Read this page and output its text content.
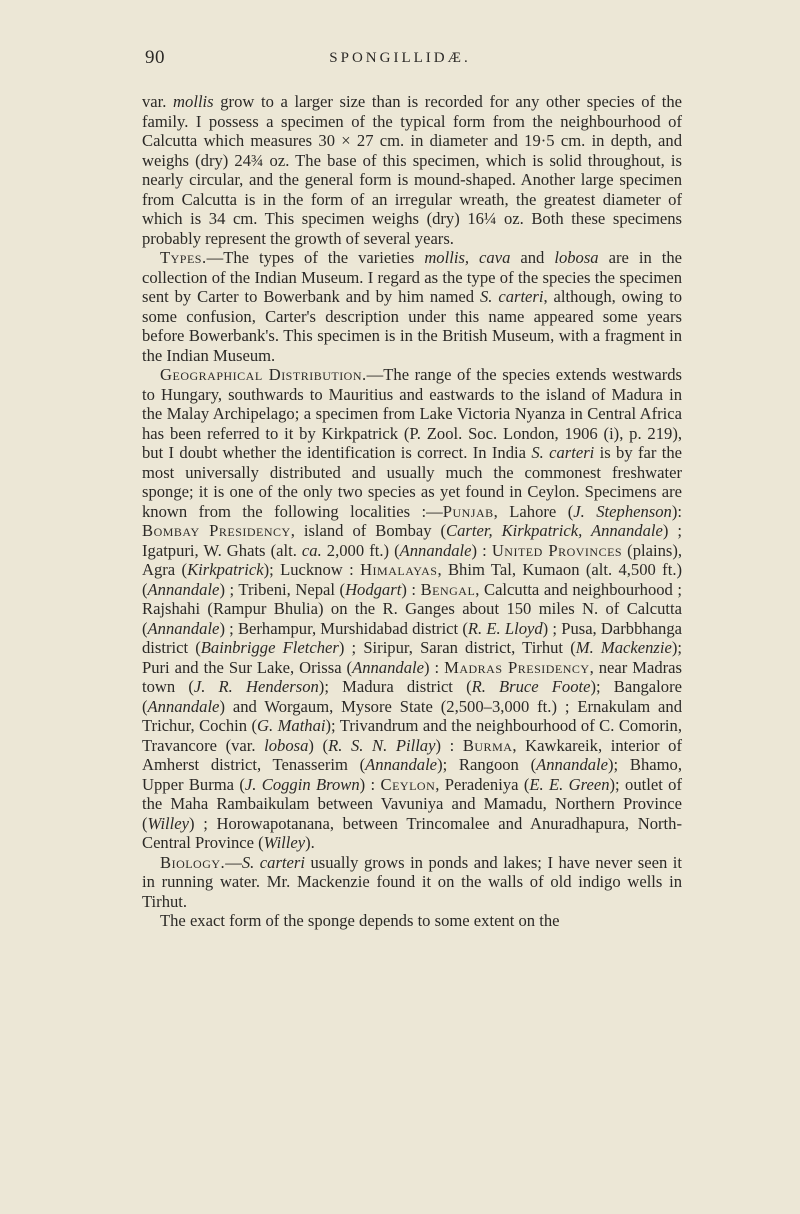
90	SPONGILLIDÆ.

var. mollis grow to a larger size than is recorded for any other species of the family. I possess a specimen of the typical form from the neighbourhood of Calcutta which measures 30 × 27 cm. in diameter and 19·5 cm. in depth, and weighs (dry) 24¾ oz. The base of this specimen, which is solid throughout, is nearly circular, and the general form is mound-shaped. Another large specimen from Calcutta is in the form of an irregular wreath, the greatest diameter of which is 34 cm. This specimen weighs (dry) 16¼ oz. Both these specimens probably represent the growth of several years.

Types.—The types of the varieties mollis, cava and lobosa are in the collection of the Indian Museum. I regard as the type of the species the specimen sent by Carter to Bowerbank and by him named S. carteri, although, owing to some confusion, Carter's description under this name appeared some years before Bowerbank's. This specimen is in the British Museum, with a fragment in the Indian Museum.

Geographical Distribution.—The range of the species extends westwards to Hungary, southwards to Mauritius and eastwards to the island of Madura in the Malay Archipelago; a specimen from Lake Victoria Nyanza in Central Africa has been referred to it by Kirkpatrick (P. Zool. Soc. London, 1906 (i), p. 219), but I doubt whether the identification is correct. In India S. carteri is by far the most universally distributed and usually much the commonest freshwater sponge; it is one of the only two species as yet found in Ceylon. Specimens are known from the following localities :—Punjab, Lahore (J. Stephenson): Bombay Presidency, island of Bombay (Carter, Kirkpatrick, Annandale) ; Igatpuri, W. Ghats (alt. ca. 2,000 ft.) (Annandale) : United Provinces (plains), Agra (Kirkpatrick); Lucknow : Himalayas, Bhim Tal, Kumaon (alt. 4,500 ft.) (Annandale) ; Tribeni, Nepal (Hodgart) : Bengal, Calcutta and neighbourhood ; Rajshahi (Rampur Bhulia) on the R. Ganges about 150 miles N. of Calcutta (Annandale) ; Berhampur, Murshidabad district (R. E. Lloyd) ; Pusa, Darbbhanga district (Bainbrigge Fletcher) ; Siripur, Saran district, Tirhut (M. Mackenzie); Puri and the Sur Lake, Orissa (Annandale) : Madras Presidency, near Madras town (J. R. Henderson); Madura district (R. Bruce Foote); Bangalore (Annandale) and Worgaum, Mysore State (2,500–3,000 ft.) ; Ernakulam and Trichur, Cochin (G. Mathai); Trivandrum and the neighbourhood of C. Comorin, Travancore (var. lobosa) (R. S. N. Pillay) : Burma, Kawkareik, interior of Amherst district, Tenasserim (Annandale); Rangoon (Annandale); Bhamo, Upper Burma (J. Coggin Brown) : Ceylon, Peradeniya (E. E. Green); outlet of the Maha Rambaikulam between Vavuniya and Mamadu, Northern Province (Willey) ; Horowapotanana, between Trincomalee and Anuradhapura, North-Central Province (Willey).

Biology.—S. carteri usually grows in ponds and lakes; I have never seen it in running water. Mr. Mackenzie found it on the walls of old indigo wells in Tirhut.

The exact form of the sponge depends to some extent on the
